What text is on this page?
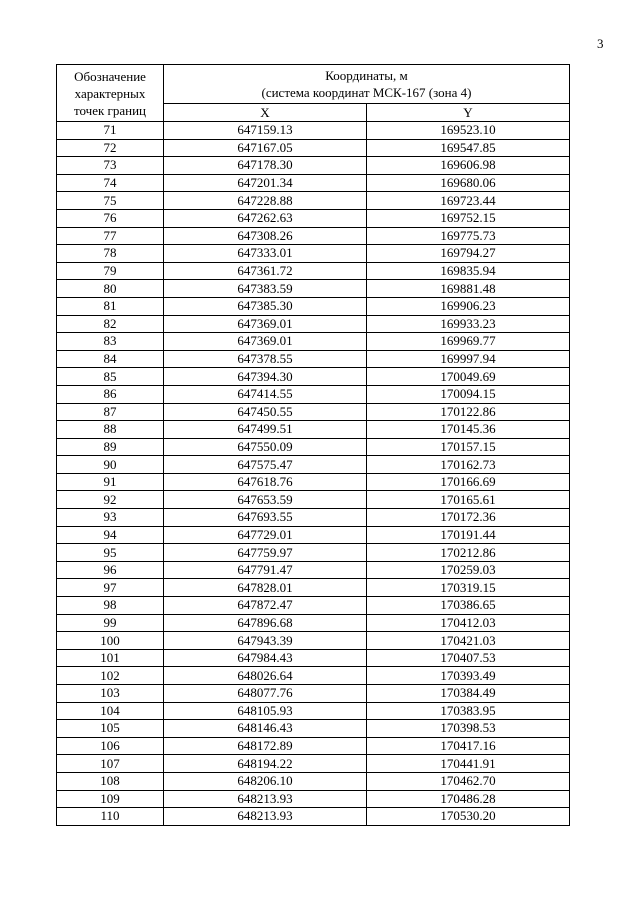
3
Обозначение
характерных
точек границ	Координаты, м
(система координат МСК-167 (зона 4)	
	X	Y
71	647159.13	169523.10
72	647167.05	169547.85
73	647178.30	169606.98
74	647201.34	169680.06
75	647228.88	169723.44
76	647262.63	169752.15
77	647308.26	169775.73
78	647333.01	169794.27
79	647361.72	169835.94
80	647383.59	169881.48
81	647385.30	169906.23
82	647369.01	169933.23
83	647369.01	169969.77
84	647378.55	169997.94
85	647394.30	170049.69
86	647414.55	170094.15
87	647450.55	170122.86
88	647499.51	170145.36
89	647550.09	170157.15
90	647575.47	170162.73
91	647618.76	170166.69
92	647653.59	170165.61
93	647693.55	170172.36
94	647729.01	170191.44
95	647759.97	170212.86
96	647791.47	170259.03
97	647828.01	170319.15
98	647872.47	170386.65
99	647896.68	170412.03
100	647943.39	170421.03
101	647984.43	170407.53
102	648026.64	170393.49
103	648077.76	170384.49
104	648105.93	170383.95
105	648146.43	170398.53
106	648172.89	170417.16
107	648194.22	170441.91
108	648206.10	170462.70
109	648213.93	170486.28
110	648213.93	170530.20
